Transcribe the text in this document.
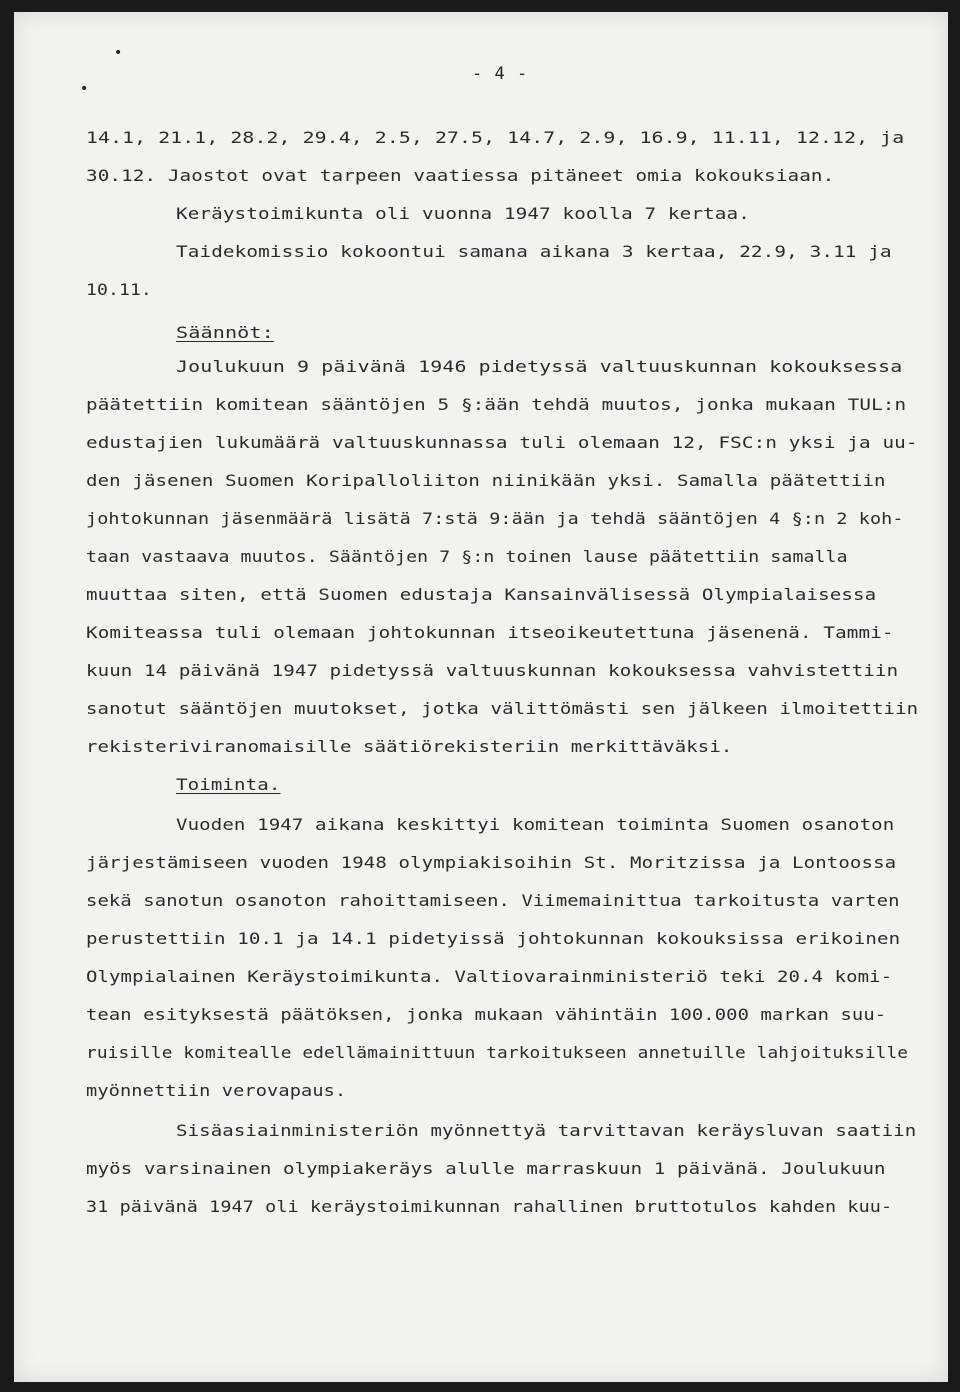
•
•
- 4 -
14.1, 21.1, 28.2, 29.4, 2.5, 27.5, 14.7, 2.9, 16.9, 11.11, 12.12, ja
30.12. Jaostot ovat tarpeen vaatiessa pitäneet omia kokouksiaan.
Keräystoimikunta oli vuonna 1947 koolla 7 kertaa.
Taidekomissio kokoontui samana aikana 3 kertaa, 22.9, 3.11 ja
10.11.
Säännöt:
Joulukuun 9 päivänä 1946 pidetyssä valtuuskunnan kokouksessa
päätettiin komitean sääntöjen 5 §:ään tehdä muutos, jonka mukaan TUL:n
edustajien lukumäärä valtuuskunnassa tuli olemaan 12, FSC:n yksi ja uu-
den jäsenen Suomen Koripalloliiton niinikään yksi. Samalla päätettiin
johtokunnan jäsenmäärä lisätä 7:stä 9:ään ja tehdä sääntöjen 4 §:n 2 koh-
taan vastaava muutos. Sääntöjen 7 §:n toinen lause päätettiin samalla
muuttaa siten, että Suomen edustaja Kansainvälisessä Olympialaisessa
Komiteassa tuli olemaan johtokunnan itseoikeutettuna jäsenenä. Tammi-
kuun 14 päivänä 1947 pidetyssä valtuuskunnan kokouksessa vahvistettiin
sanotut sääntöjen muutokset, jotka välittömästi sen jälkeen ilmoitettiin
rekisteriviranomaisille säätiörekisteriin merkittäväksi.
Toiminta.
Vuoden 1947 aikana keskittyi komitean toiminta Suomen osanoton
järjestämiseen vuoden 1948 olympiakisoihin St. Moritzissa ja Lontoossa
sekä sanotun osanoton rahoittamiseen. Viimemainittua tarkoitusta varten
perustettiin 10.1 ja 14.1 pidetyissä johtokunnan kokouksissa erikoinen
Olympialainen Keräystoimikunta. Valtiovarainministeriö teki 20.4 komi-
tean esityksestä päätöksen, jonka mukaan vähintäin 100.000 markan suu-
ruisille komitealle edellämainittuun tarkoitukseen annetuille lahjoituksille
myönnettiin verovapaus.
Sisäasiainministeriön myönnettyä tarvittavan keräysluvan saatiin
myös varsinainen olympiakeräys alulle marraskuun 1 päivänä. Joulukuun
31 päivänä 1947 oli keräystoimikunnan rahallinen bruttotulos kahden kuu-
